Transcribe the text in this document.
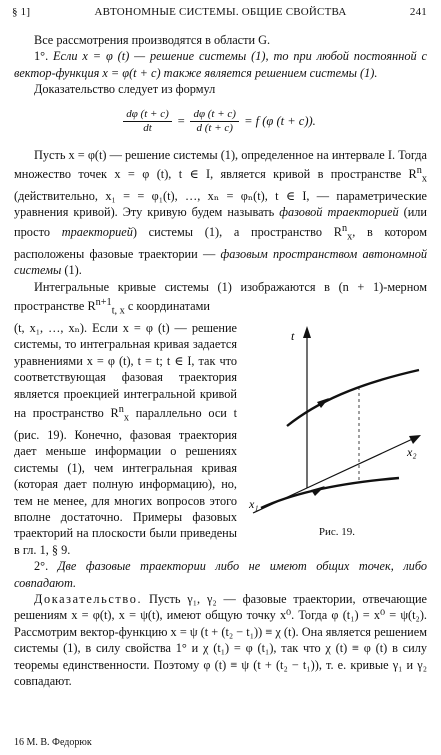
§ 1]	АВТОНОМНЫЕ СИСТЕМЫ. ОБЩИЕ СВОЙСТВА	241

Все рассмотрения производятся в области G.

1°. Если x = φ (t) — решение системы (1), то при любой постоянной c вектор-функция x = φ(t + c) также является решением системы (1).

Доказательство следует из формул

$\frac{d\varphi (t + c)}{dt} = \frac{d\varphi (t + c)}{d (t + c)} = f$ (φ (t + c)).

Пусть x = φ(t) — решение системы (1), определенное на интервале I. Тогда множество точек x = φ (t), t ∈ I, является кривой в пространстве $R^n_x$ (действительно, x₁ = = φ₁(t), …, xₙ = φₙ(t), t ∈ I, — параметрические уравнения кривой). Эту кривую будем называть фазовой траекторией (или просто траекторией) системы (1), а пространство $R^n_x$, в котором расположены фазовые траектории — фазовым пространством автономной системы (1).

Интегральные кривые системы (1) изображаются в (n + 1)-мерном пространстве $R^{n+1}_{t, x}$ с координатами

t
x₂
x₁
Рис. 19.

(t, x₁, …, xₙ). Если x = φ (t) — решение системы, то интегральная кривая задается уравнениями x = φ (t), t = t; t ∈ I, так что соответствующая фазовая траектория является проекцией интегральной кривой на пространство $R^n_x$ параллельно оси t (рис. 19). Конечно, фазовая траектория дает меньше информации о решениях системы (1), чем интегральная кривая (которая дает полную информацию), но, тем не менее, для многих вопросов этого вполне достаточно. Примеры фазовых траекторий на плоскости были приведены в гл. 1, § 9.

2°. Две фазовые траектории либо не имеют общих точек, либо совпадают.

Доказательство. Пусть γ₁, γ₂ — фазовые траектории, отвечающие решениям x = φ(t), x = ψ(t), имеют общую точку x⁰. Тогда φ (t₁) = x⁰ = ψ(t₂). Рассмотрим вектор-функцию x = ψ (t + (t₂ − t₁)) ≡ χ (t). Она является решением системы (1), в силу свойства 1° и χ (t₁) = φ (t₁), так что χ (t) ≡ φ (t) в силу теоремы единственности. Поэтому φ (t) ≡ ψ (t + (t₂ − t₁)), т. е. кривые γ₁ и γ₂ совпадают.

16 М. В. Федорюк
